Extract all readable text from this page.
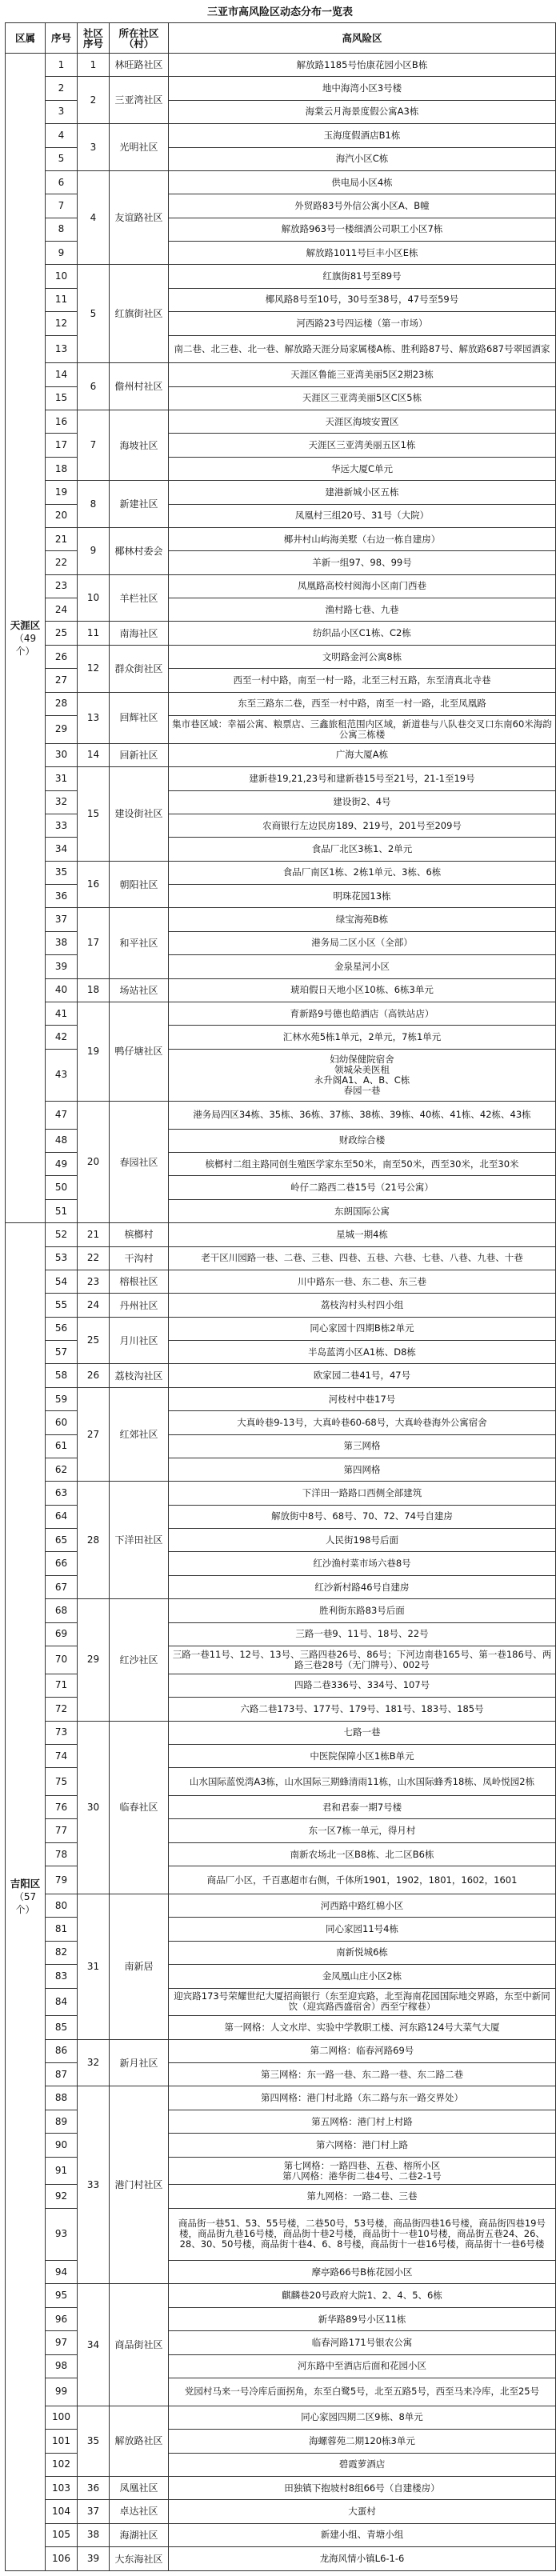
三亚市高风险区动态分布一览表
区属	序号	社区序号	所在社区（村）	高风险区
天涯区
（49个）	1	1	林旺路社区	解放路1185号怡康花园小区B栋
	2	2	三亚湾社区	地中海湾小区3号楼
	3			海棠云月海景度假公寓A3栋
	4	3	光明社区	玉海度假酒店B1栋
	5			海汽小区C栋
	6	4	友谊路社区	供电局小区4栋
	7			外贸路83号外信公寓小区A、B幢
	8			解放路963号一楼细酒公司职工小区7栋
	9			解放路1011号巨丰小区E栋
	10	5	红旗街社区	红旗街81号至89号
	11			椰风路8号至10号，30号至38号，47号至59号
	12			河西路23号四运楼（第一市场）
	13			南二巷、北三巷、北一巷、解放路天涯分局家属楼A栋、胜利路87号、解放路687号翠园酒家
	14	6	儋州村社区	天涯区鲁能三亚湾美丽5区2期23栋
	15			天涯区三亚湾美丽5区C区5栋
	16	7	海坡社区	天涯区海坡安置区
	17			天涯区三亚湾美丽五区1栋
	18			华远大厦C单元
	19	8	新建社区	建港新城小区五栋
	20			凤凰村三组20号、31号（大院）
	21	9	椰林村委会	椰井村山屿海美墅（右边一栋自建房）
	22			羊新一组97、98、99号
	23	10	羊栏社区	凤凰路高校村阅海小区南门西巷
	24			渔村路七巷、九巷
	25	11	南海社区	纺织品小区C1栋、C2栋
	26	12	群众街社区	文明路金河公寓8栋
	27			西至一村中路，南至一村一路，北至三村五路，东至清真北寺巷
	28	13	回辉社区	东至三路东二巷，西至一村中路，南至一村一路，北至凤凰路
	29			集市巷区域：幸福公寓、粮票店、三鑫旅租范围内区域，新道巷与八队巷交叉口东南60米海韵公寓三栋楼
	30	14	回新社区	广海大厦A栋
	31	15	建设街社区	建新巷19,21,23号和建新巷15号至21号，21-1至19号
	32			建设街2、4号
	33			农商银行左边民房189、219号，201号至209号
	34			食品厂北区3栋1、2单元
	35	16	朝阳社区	食品厂南区1栋、2栋1单元、3栋、6栋
	36			明珠花园13栋
	37	17	和平社区	绿宝海苑B栋
	38			港务局二区小区（全部）
	39			金泉星河小区
	40	18	场站社区	琥珀假日天地小区10栋、6栋3单元
	41	19	鸭仔塘社区	育新路9号德也皓酒店（高铁站店）
	42			汇林水苑5栋1单元，2单元，7栋1单元
	43			妇幼保健院宿舍
领城朵美医租
永升阁A1、A、B、C栋
春园一巷
	47	20	春园社区	港务局四区34栋、35栋、36栋、37栋、38栋、39栋、40栋、41栋、42栋、43栋
	48			财政综合楼
	49			槟榔村二组主路同创生殖医学家东至50米，南至50米，西至30米，北至30米
	50			岭仔二路西二巷15号（21号公寓）
	51			东朗国际公寓
吉阳区
（57个）	52	21	槟榔村	星城一期4栋
	53	22	干沟村	老干区川园路一巷、二巷、三巷、四巷、五巷、六巷、七巷、八巷、九巷、十巷
	54	23	榕根社区	川中路东一巷、东二巷、东三巷
	55	24	丹州社区	荔枝沟村头村四小组
	56	25	月川社区	同心家园十四期B栋2单元
	57			半岛蓝湾小区A1栋、D8栋
	58	26	荔枝沟社区	欧家园二巷41号，47号
	59	27	红郊社区	河枝村中巷17号
	60			大真岭巷9-13号，大真岭巷60-68号，大真岭巷海外公寓宿舍
	61			第三网格
	62			第四网格
	63	28	下洋田社区	下洋田一路路口西侧全部建筑
	64			解放街中8号、68号、70、72、74号自建房
	65			人民街198号后面
	66			红沙渔村菜市场六巷8号
	67			红沙新村路46号自建房
	68	29	红沙社区	胜利街东路83号后面
	69			三路一巷9、11号、18号、22号
	70			三路一巷11号、12号、13号、三路四巷26号、86号；下河边南巷165号、第一巷186号、两路三巷28号（无门牌号）、002号
	71			四路二巷336号、334号、107号
	72			六路二巷173号、177号、179号、181号、183号、185号
	73	30	临春社区	七路一巷
	74			中医院保障小区1栋B单元
	75			山水国际蓝悦湾A3栋，山水国际三期蜂清雨11栋，山水国际蜂秀18栋、凤岭悦园2栋
	76			君和君泰一期7号楼
	77			东一区7栋一单元，得月村
	78			南新农场北一区B8栋、北二区B6栋
	79			商品厂小区，千百惠超市右侧，千体所1901，1902，1801，1602，1601
	80	31	南新居	河西路中路红棉小区
	81			同心家园11号4栋
	82			南新悦城6栋
	83			金凤凰山庄小区2栋
	84			迎宾路173号荣耀世纪大厦招商银行（东至迎宾路，北至海南花园国际地交界路，东至中新同饮（迎宾路西盛宿舍）西至宁稼巷）
	85			第一网格：人文水岸、实验中学教职工楼、河东路124号大菜气大厦
	86	32	新月社区	第二网格：临春河路69号
	87			第三网格：东一路一巷、东二路一巷、东二路二巷
	88	33	港门村社区	第四网格：港门村北路（东二路与东一路交界处）
	89			第五网格：港门村上村路
	90			第六网格：港门村上路
	91			第七网格：一路四巷、五巷、榕所小区
第八网格：港华街二巷4号、二巷2-1号
	92			第九网格：一路二巷、三巷
	93			商品街一巷51、53、55号楼，二巷50号，53号楼，商品街四巷16号楼，商品街四巷19号楼，商品街九巷16号楼，商品街十巷2号楼，商品街十一巷10号楼，商品街五巷24、26、28、30、50号楼，商品街十巷4、6、8号楼，商品街十一巷16号楼，商品街十一巷6号楼
	94			摩亭路66号B栋花园小区
	95	34	商品街社区	麒麟巷20号政府大院1、2、4、5、6栋
	96			新华路89号小区11栋
	97			临春河路171号银农公寓
	98			河东路中至酒店后面和花园小区
	99			党园村马来一号冷库后面拐角，东至白鹭5号，北至五路5号，西至马来冷库，北至25号
	100	35	解放路社区	同心家园四期二区9栋、8单元
	101			海螺蓉苑二期120栋3单元
	102			碧霞萝酒店
	103	36	凤凰社区	田独镇下抱坡村8组66号（自建楼房）
	104	37	卓达社区	大蛋村
	105	38	海湖社区	新建小组、青塘小组
	106	39	大东海社区	龙海风情小镇L6-1-6
